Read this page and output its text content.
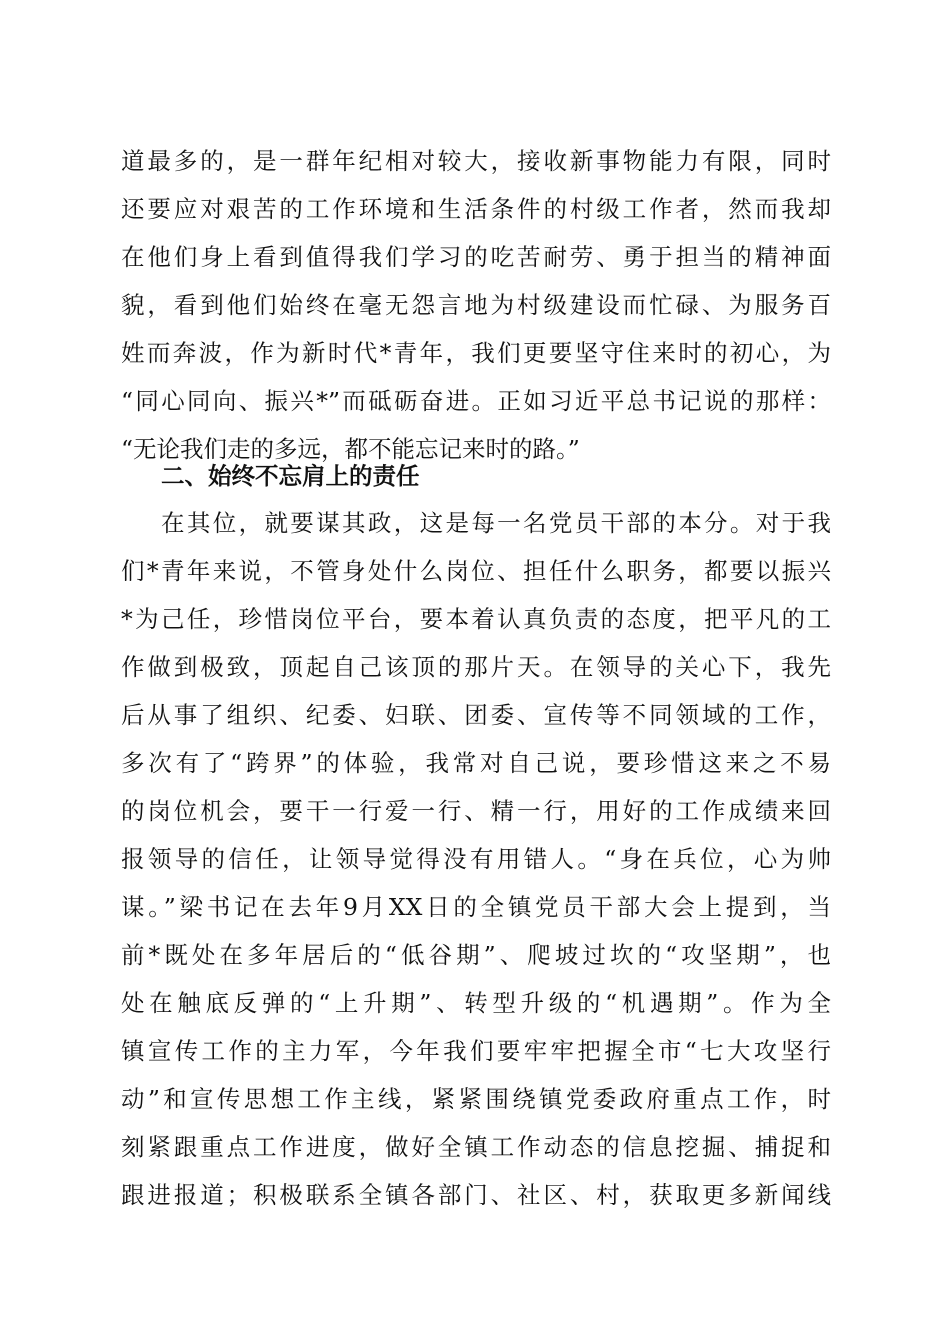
道最多的，是一群年纪相对较大，接收新事物能力有限，同时
还要应对艰苦的工作环境和生活条件的村级工作者，然而我却
在他们身上看到值得我们学习的吃苦耐劳、勇于担当的精神面
貌，看到他们始终在毫无怨言地为村级建设而忙碌、为服务百
姓而奔波，作为新时代*青年，我们更要坚守住来时的初心，为
“同心同向、振兴*”而砥砺奋进。正如习近平总书记说的那样：
“无论我们走的多远，都不能忘记来时的路。”
二、始终不忘肩上的责任
在其位，就要谋其政，这是每一名党员干部的本分。对于我
们*青年来说，不管身处什么岗位、担任什么职务，都要以振兴
*为己任，珍惜岗位平台，要本着认真负责的态度，把平凡的工
作做到极致，顶起自己该顶的那片天。在领导的关心下，我先
后从事了组织、纪委、妇联、团委、宣传等不同领域的工作，
多次有了“跨界”的体验，我常对自己说，要珍惜这来之不易
的岗位机会，要干一行爱一行、精一行，用好的工作成绩来回
报领导的信任，让领导觉得没有用错人。“身在兵位，心为帅
谋。”梁书记在去年9月XX日的全镇党员干部大会上提到，当
前*既处在多年居后的“低谷期”、爬坡过坎的“攻坚期”，也
处在触底反弹的“上升期”、转型升级的“机遇期”。作为全
镇宣传工作的主力军，今年我们要牢牢把握全市“七大攻坚行
动”和宣传思想工作主线，紧紧围绕镇党委政府重点工作，时
刻紧跟重点工作进度，做好全镇工作动态的信息挖掘、捕捉和
跟进报道；积极联系全镇各部门、社区、村，获取更多新闻线
